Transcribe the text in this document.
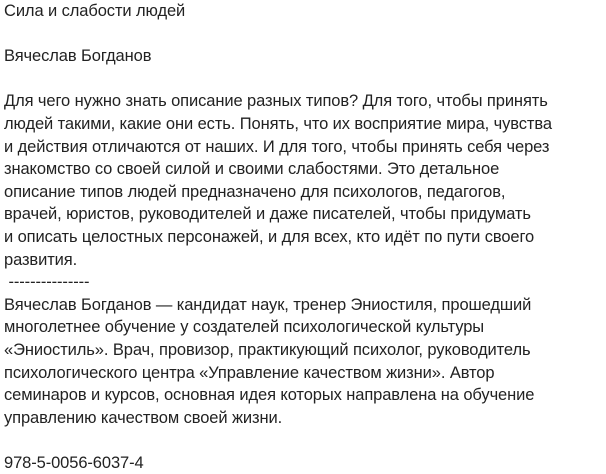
Сила и слабости людей
Вячеслав Богданов
Для чего нужно знать описание разных типов? Для того, чтобы принять
людей такими, какие они есть. Понять, что их восприятие мира, чувства
и действия отличаются от наших. И для того, чтобы принять себя через
знакомство со своей силой и своими слабостями. Это детальное
описание типов людей предназначено для психологов, педагогов,
врачей, юристов, руководителей и даже писателей, чтобы придумать
и описать целостных персонажей, и для всех, кто идёт по пути своего
развития.
---------------
Вячеслав Богданов — кандидат наук, тренер Эниостиля, прошедший
многолетнее обучение у создателей психологической культуры
«Эниостиль». Врач, провизор, практикующий психолог, руководитель
психологического центра «Управление качеством жизни». Автор
семинаров и курсов, основная идея которых направлена на обучение
управлению качеством своей жизни.
978-5-0056-6037-4
